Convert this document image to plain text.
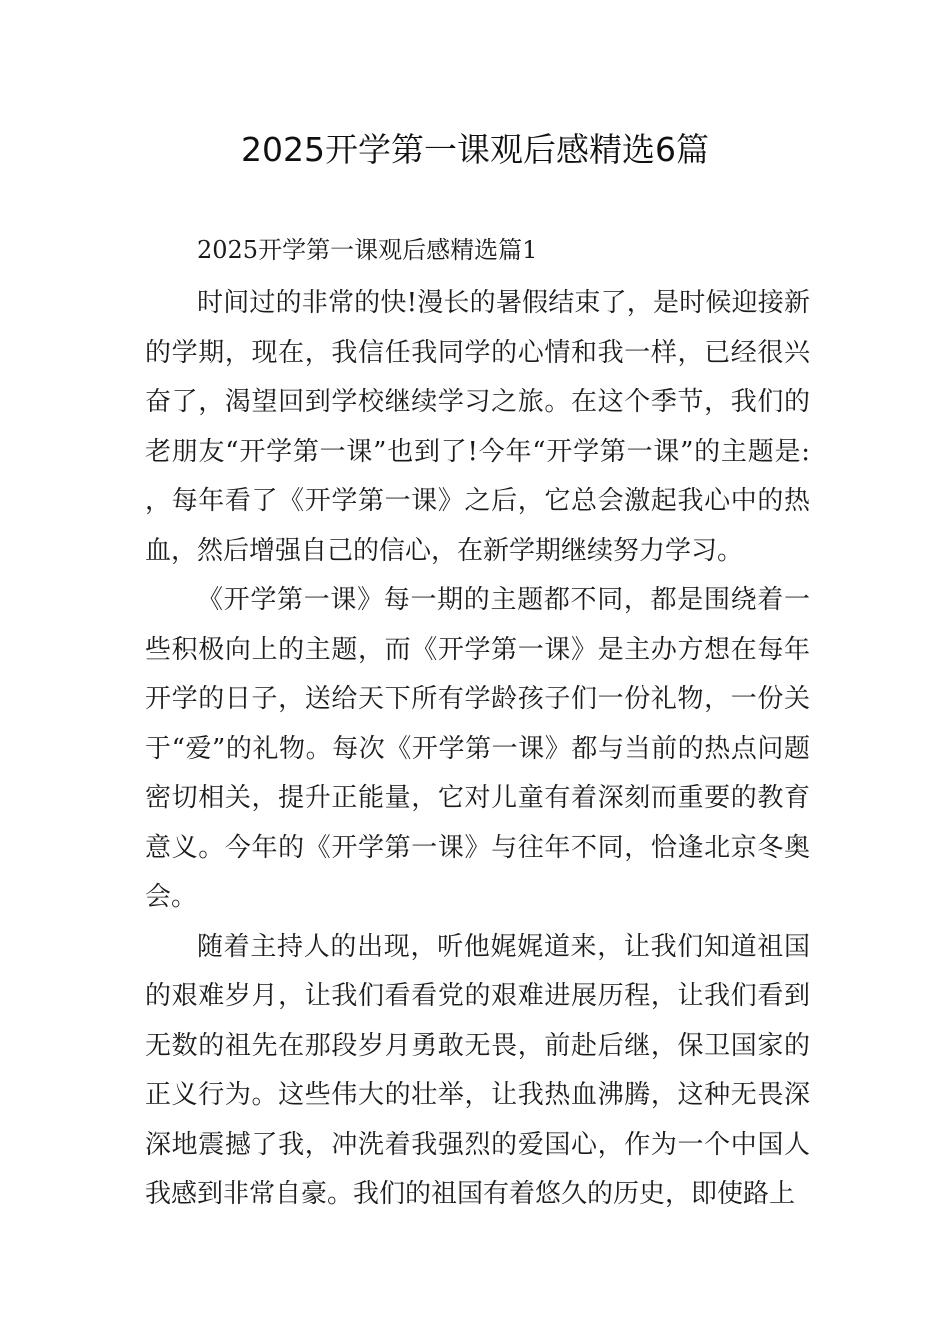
2025开学第一课观后感精选6篇

2025开学第一课观后感精选篇1

时间过的非常的快!漫长的暑假结束了，是时候迎接新的学期，现在，我信任我同学的心情和我一样，已经很兴奋了，渴望回到学校继续学习之旅。在这个季节，我们的老朋友“开学第一课”也到了!今年“开学第一课”的主题是:，每年看了《开学第一课》之后，它总会激起我心中的热血，然后增强自己的信心，在新学期继续努力学习。

《开学第一课》每一期的主题都不同，都是围绕着一些积极向上的主题，而《开学第一课》是主办方想在每年开学的日子，送给天下所有学龄孩子们一份礼物，一份关于“爱”的礼物。每次《开学第一课》都与当前的热点问题密切相关，提升正能量，它对儿童有着深刻而重要的教育意义。今年的《开学第一课》与往年不同，恰逢北京冬奥会。

随着主持人的出现，听他娓娓道来，让我们知道祖国的艰难岁月，让我们看看党的艰难进展历程，让我们看到无数的祖先在那段岁月勇敢无畏，前赴后继，保卫国家的正义行为。这些伟大的壮举，让我热血沸腾，这种无畏深深地震撼了我，冲洗着我强烈的爱国心，作为一个中国人我感到非常自豪。我们的祖国有着悠久的历史，即使路上
